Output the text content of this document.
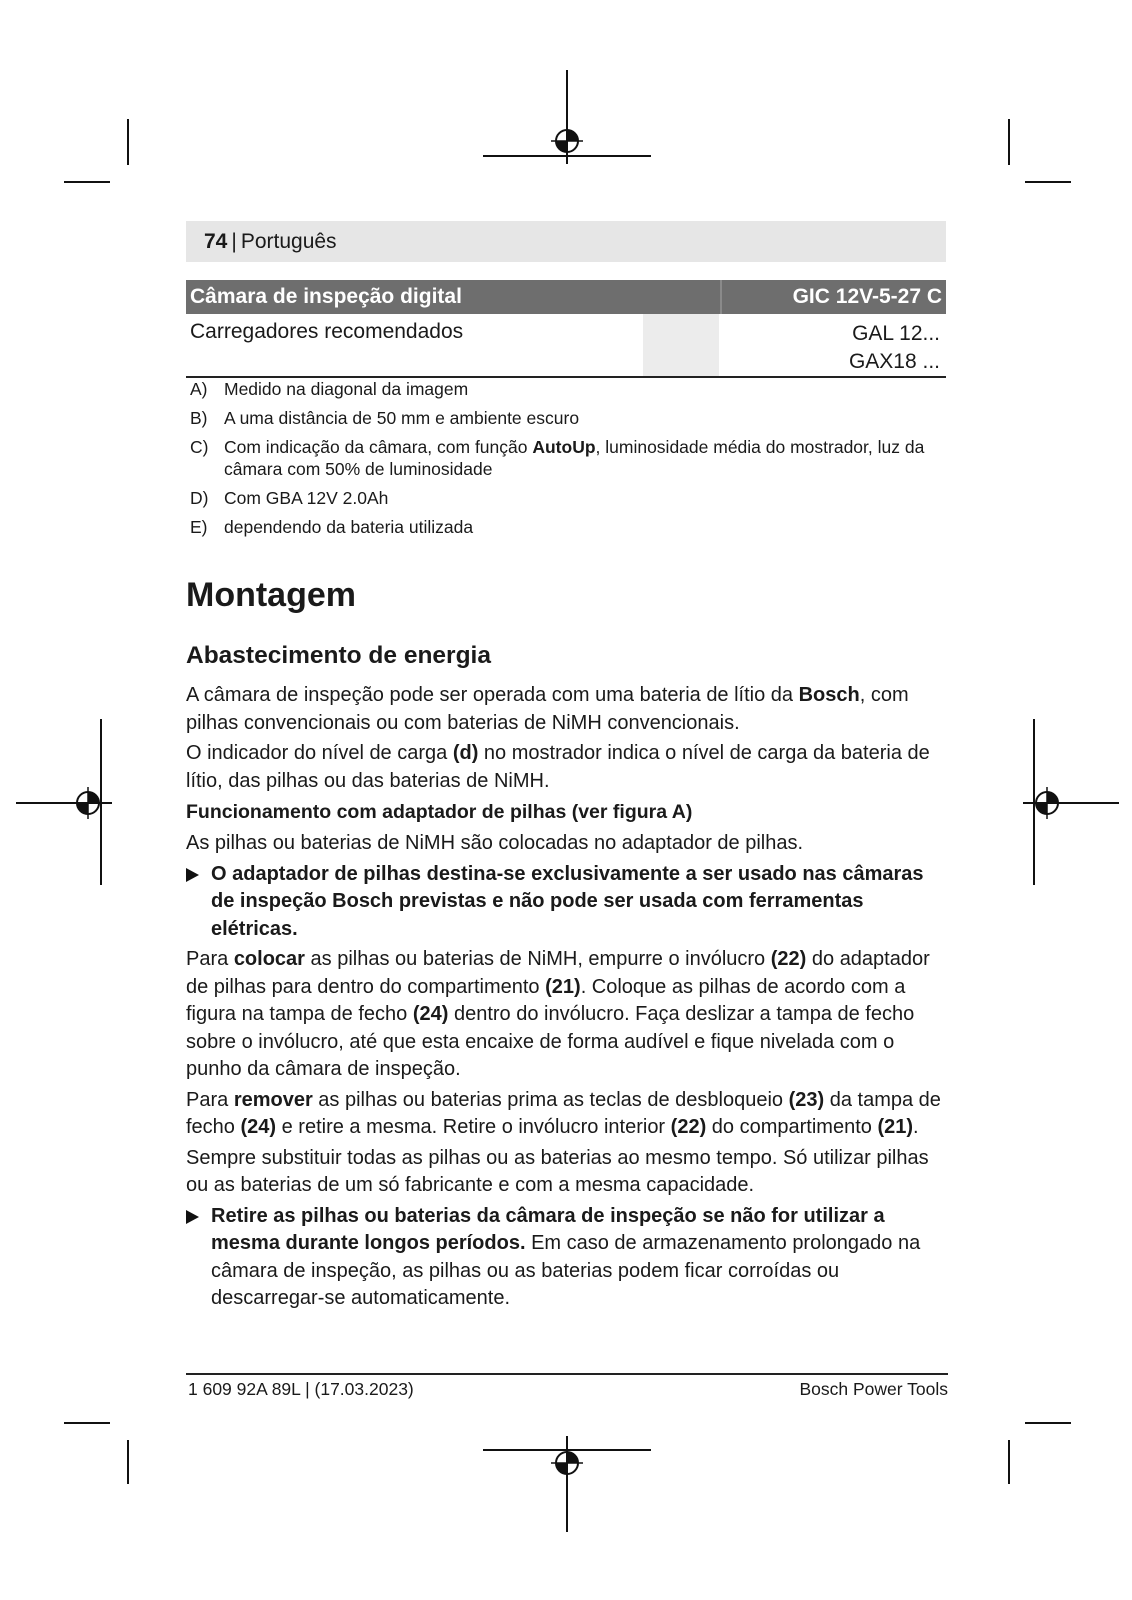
74 | Português
Câmara de inspeção digital	GIC 12V-5-27 C
Carregadores recomendados	GAL 12...
GAX18 ...
A) Medido na diagonal da imagem
B) A uma distância de 50 mm e ambiente escuro
C) Com indicação da câmara, com função AutoUp, luminosidade média do mostrador, luz da câmara com 50% de luminosidade
D) Com GBA 12V 2.0Ah
E) dependendo da bateria utilizada
Montagem
Abastecimento de energia

A câmara de inspeção pode ser operada com uma bateria de lítio da Bosch, com pilhas convencionais ou com baterias de NiMH convencionais.

O indicador do nível de carga (d) no mostrador indica o nível de carga da bateria de lítio, das pilhas ou das baterias de NiMH.

Funcionamento com adaptador de pilhas (ver figura A)

As pilhas ou baterias de NiMH são colocadas no adaptador de pilhas.

O adaptador de pilhas destina-se exclusivamente a ser usado nas câmaras de inspeção Bosch previstas e não pode ser usada com ferramentas elétricas.

Para colocar as pilhas ou baterias de NiMH, empurre o invólucro (22) do adaptador de pilhas para dentro do compartimento (21). Coloque as pilhas de acordo com a figura na tampa de fecho (24) dentro do invólucro. Faça deslizar a tampa de fecho sobre o invólucro, até que esta encaixe de forma audível e fique nivelada com o punho da câmara de inspeção.

Para remover as pilhas ou baterias prima as teclas de desbloqueio (23) da tampa de fecho (24) e retire a mesma. Retire o invólucro interior (22) do compartimento (21).

Sempre substituir todas as pilhas ou as baterias ao mesmo tempo. Só utilizar pilhas ou as baterias de um só fabricante e com a mesma capacidade.

Retire as pilhas ou baterias da câmara de inspeção se não for utilizar a mesma durante longos períodos. Em caso de armazenamento prolongado na câmara de inspeção, as pilhas ou as baterias podem ficar corroídas ou descarregar-se automaticamente.
1 609 92A 89L | (17.03.2023)	Bosch Power Tools
